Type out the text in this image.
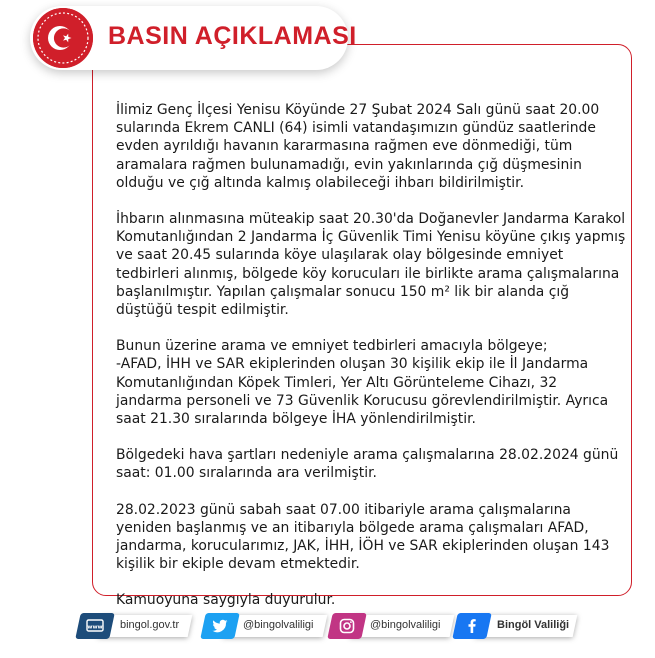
BASIN AÇIKLAMASI

İlimiz Genç İlçesi Yenisu Köyünde 27 Şubat 2024 Salı günü saat 20.00 sularında Ekrem CANLI (64) isimli vatandaşımızın gündüz saatlerinde evden ayrıldığı havanın kararmasına rağmen eve dönmediği, tüm aramalara rağmen bulunamadığı, evin yakınlarında çığ düşmesinin olduğu ve çığ altında kalmış olabileceği ihbarı bildirilmiştir.

İhbarın alınmasına müteakip saat 20.30'da Doğanevler Jandarma Karakol Komutanlığından 2 Jandarma İç Güvenlik Timi Yenisu köyüne çıkış yapmış ve saat 20.45 sularında köye ulaşılarak olay bölgesinde emniyet tedbirleri alınmış, bölgede köy korucuları ile birlikte arama çalışmalarına başlanılmıştır. Yapılan çalışmalar sonucu 150 m² lik bir alanda çığ düştüğü tespit edilmiştir.

Bunun üzerine arama ve emniyet tedbirleri amacıyla bölgeye;
-AFAD, İHH ve SAR ekiplerinden oluşan 30 kişilik ekip ile İl Jandarma Komutanlığından Köpek Timleri, Yer Altı Görünteleme Cihazı, 32 jandarma personeli ve 73 Güvenlik Korucusu görevlendirilmiştir. Ayrıca saat 21.30 sıralarında bölgeye İHA yönlendirilmiştir.

Bölgedeki hava şartları nedeniyle arama çalışmalarına 28.02.2024 günü saat: 01.00 sıralarında ara verilmiştir.

28.02.2023 günü sabah saat 07.00 itibariyle arama çalışmalarına yeniden başlanmış ve an itibarıyla bölgede arama çalışmaları AFAD, jandarma, korucularımız, JAK, İHH, İÖH ve SAR ekiplerinden oluşan 143 kişilik bir ekiple devam etmektedir.

Kamuoyuna saygıyla duyurulur.

www bingol.gov.tr	@bingolvaliligi	@bingolvaliligi	Bingöl Valiliği
